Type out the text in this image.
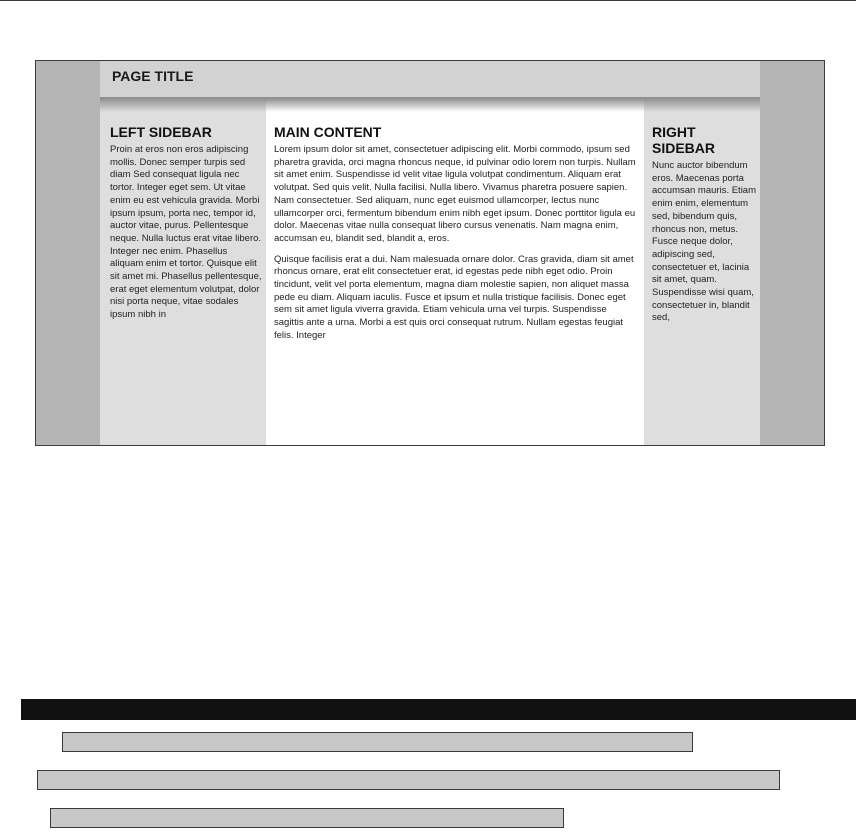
PAGE TITLE
LEFT SIDEBAR

Proin at eros non eros adipiscing mollis. Donec semper turpis sed diam Sed consequat ligula nec tortor. Integer eget sem. Ut vitae enim eu est vehicula gravida. Morbi ipsum ipsum, porta nec, tempor id, auctor vitae, purus. Pellentesque neque. Nulla luctus erat vitae libero. Integer nec enim. Phasellus aliquam enim et tortor. Quisque elit sit amet mi. Phasellus pellentesque, erat eget elementum volutpat, dolor nisi porta neque, vitae sodales ipsum nibh in

MAIN CONTENT

Lorem ipsum dolor sit amet, consectetuer adipiscing elit. Morbi commodo, ipsum sed pharetra gravida, orci magna rhoncus neque, id pulvinar odio lorem non turpis. Nullam sit amet enim. Suspendisse id velit vitae ligula volutpat condimentum. Aliquam erat volutpat. Sed quis velit. Nulla facilisi. Nulla libero. Vivamus pharetra posuere sapien. Nam consectetuer. Sed aliquam, nunc eget euismod ullamcorper, lectus nunc ullamcorper orci, fermentum bibendum enim nibh eget ipsum. Donec porttitor ligula eu dolor. Maecenas vitae nulla consequat libero cursus venenatis. Nam magna enim, accumsan eu, blandit sed, blandit a, eros.

Quisque facilisis erat a dui. Nam malesuada ornare dolor. Cras gravida, diam sit amet rhoncus ornare, erat elit consectetuer erat, id egestas pede nibh eget odio. Proin tincidunt, velit vel porta elementum, magna diam molestie sapien, non aliquet massa pede eu diam. Aliquam iaculis. Fusce et ipsum et nulla tristique facilisis. Donec eget sem sit amet ligula viverra gravida. Etiam vehicula urna vel turpis. Suspendisse sagittis ante a urna. Morbi a est quis orci consequat rutrum. Nullam egestas feugiat felis. Integer

RIGHT SIDEBAR

Nunc auctor bibendum eros. Maecenas porta accumsan mauris. Etiam enim enim, elementum sed, bibendum quis, rhoncus non, metus. Fusce neque dolor, adipiscing sed, consectetuer et, lacinia sit amet, quam. Suspendisse wisi quam, consectetuer in, blandit sed,
